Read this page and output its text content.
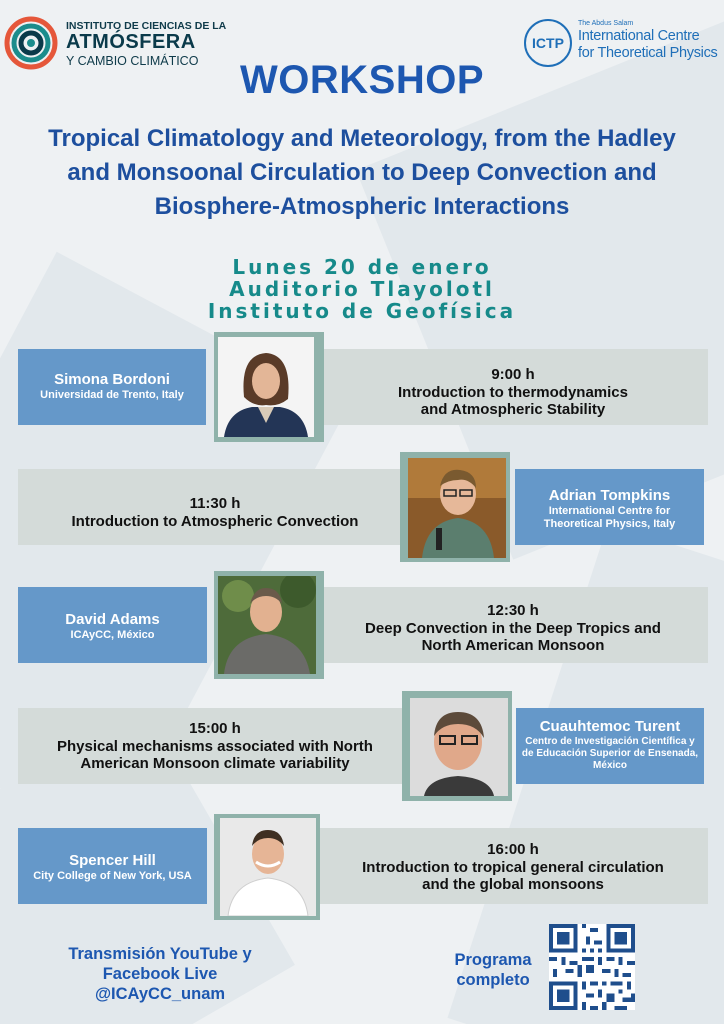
INSTITUTO DE CIENCIAS DE LA
ATMÓSFERA
Y CAMBIO CLIMÁTICO
ICTP
The Abdus Salam
International Centre
for Theoretical Physics
WORKSHOP
Tropical Climatology and Meteorology, from the Hadley and Monsoonal Circulation to Deep Convection and Biosphere-Atmospheric Interactions
Lunes 20 de enero
Auditorio Tlayolotl
Instituto de Geofísica
Simona Bordoni
Universidad de Trento, Italy
9:00 h
Introduction to thermodynamics
and Atmospheric Stability
11:30 h
Introduction to Atmospheric Convection
Adrian Tompkins
International Centre for
Theoretical Physics, Italy
David Adams
ICAyCC, México
12:30 h
Deep Convection in the Deep Tropics and
North American Monsoon
15:00 h
Physical mechanisms associated with North
American Monsoon climate variability
Cuauhtemoc Turent
Centro de Investigación Científica y
de Educación Superior de Ensenada,
México
Spencer Hill
City College of New York, USA
16:00 h
Introduction to tropical general circulation
and the global monsoons
Transmisión YouTube y
Facebook Live
@ICAyCC_unam
Programa
completo
